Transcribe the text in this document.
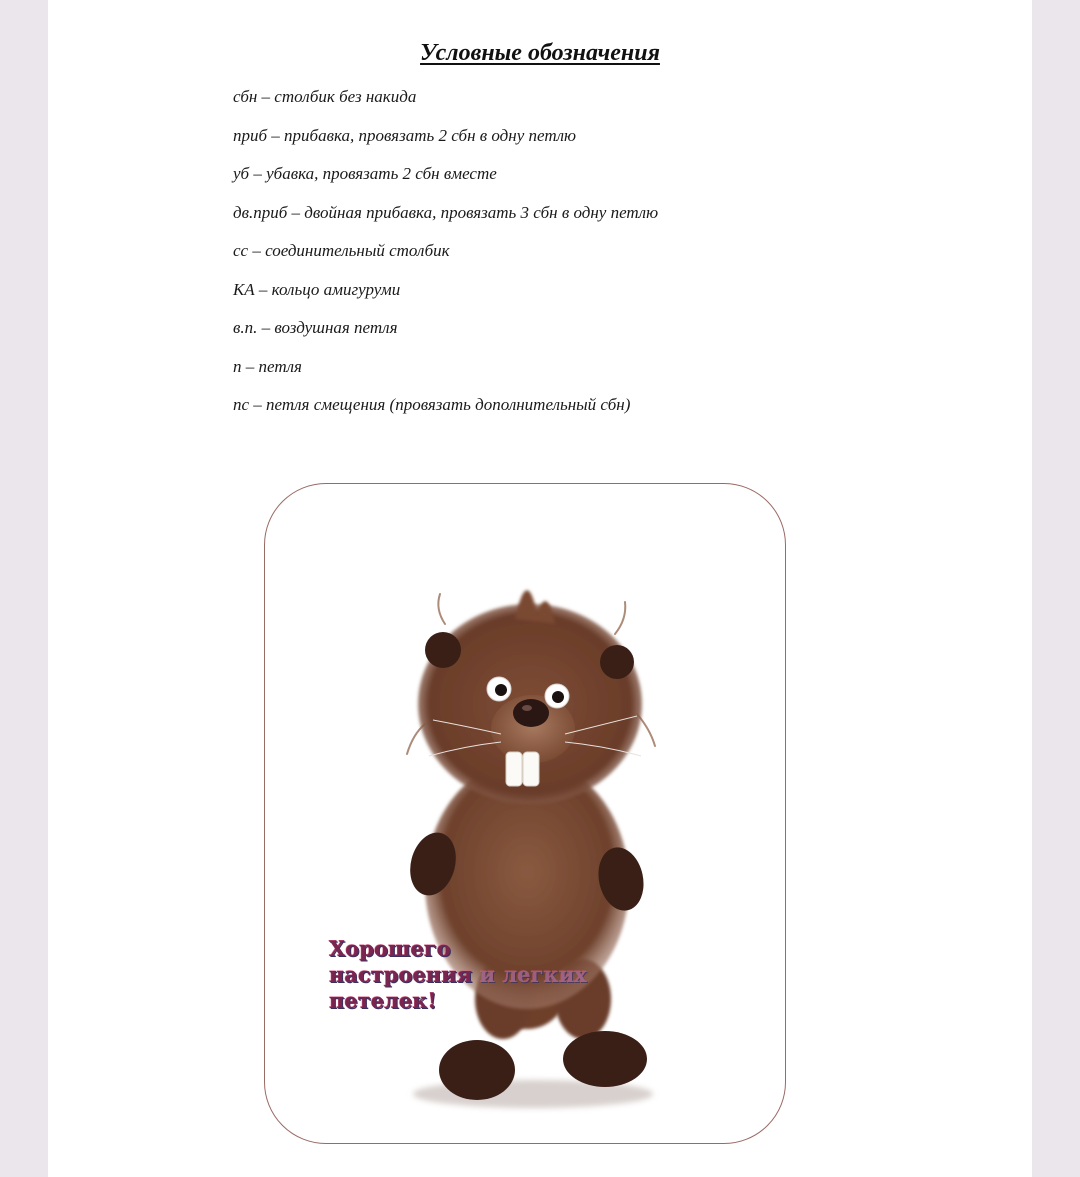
Условные обозначения
сбн – столбик без накида
приб – прибавка, провязать 2 сбн в одну петлю
уб – убавка, провязать 2 сбн вместе
дв.приб – двойная прибавка, провязать 3 сбн в одну петлю
сс – соединительный столбик
КА – кольцо амигуруми
в.п. – воздушная петля
п – петля
пс – петля смещения (провязать дополнительный сбн)

Хорошего
настроения и легких
петелек!
